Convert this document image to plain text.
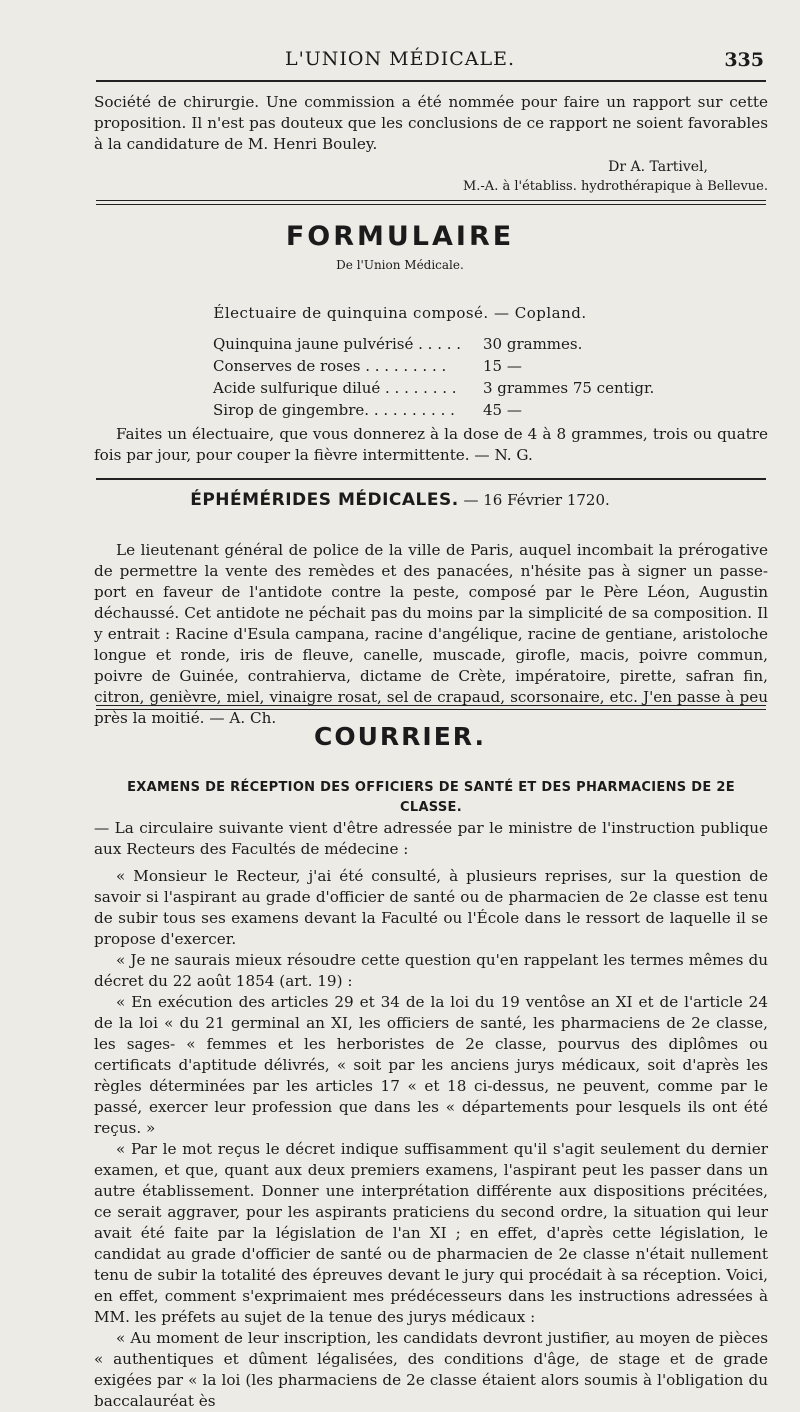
L'UNION MÉDICALE.	335

Société de chirurgie. Une commission a été nommée pour faire un rapport sur cette proposition. Il n'est pas douteux que les conclusions de ce rapport ne soient favorables à la candidature de M. Henri Bouley.

Dr A. Tartivel,

M.-A. à l'établiss. hydrothérapique à Bellevue.

FORMULAIRE
De l'Union Médicale.
Électuaire de quinquina composé. — Copland.
Quinquina jaune pulvérisé . . . . . 30 grammes.
Conserves de roses . . . . . . . . . 15 —
Acide sulfurique dilué . . . . . . . . 3 grammes 75 centigr.
Sirop de gingembre. . . . . . . . . . 45 —

Faites un électuaire, que vous donnerez à la dose de 4 à 8 grammes, trois ou quatre fois par jour, pour couper la fièvre intermittente. — N. G.

ÉPHÉMÉRIDES MÉDICALES. — 16 Février 1720.

Le lieutenant général de police de la ville de Paris, auquel incombait la prérogative de permettre la vente des remèdes et des panacées, n'hésite pas à signer un passe-port en faveur de l'antidote contre la peste, composé par le Père Léon, Augustin déchaussé. Cet antidote ne péchait pas du moins par la simplicité de sa composition. Il y entrait : Racine d'Esula campana, racine d'angélique, racine de gentiane, aristoloche longue et ronde, iris de fleuve, canelle, muscade, girofle, macis, poivre commun, poivre de Guinée, contrahierva, dictame de Crète, impératoire, pirette, safran fin, citron, genièvre, miel, vinaigre rosat, sel de crapaud, scorsonaire, etc. J'en passe à peu près la moitié. — A. Ch.

COURRIER.

EXAMENS DE RÉCEPTION DES OFFICIERS DE SANTÉ ET DES PHARMACIENS DE 2E CLASSE.

— La circulaire suivante vient d'être adressée par le ministre de l'instruction publique aux Recteurs des Facultés de médecine :

« Monsieur le Recteur, j'ai été consulté, à plusieurs reprises, sur la question de savoir si l'aspirant au grade d'officier de santé ou de pharmacien de 2e classe est tenu de subir tous ses examens devant la Faculté ou l'École dans le ressort de laquelle il se propose d'exercer.

« Je ne saurais mieux résoudre cette question qu'en rappelant les termes mêmes du décret du 22 août 1854 (art. 19) :

« En exécution des articles 29 et 34 de la loi du 19 ventôse an XI et de l'article 24 de la loi « du 21 germinal an XI, les officiers de santé, les pharmaciens de 2e classe, les sages- « femmes et les herboristes de 2e classe, pourvus des diplômes ou certificats d'aptitude délivrés, « soit par les anciens jurys médicaux, soit d'après les règles déterminées par les articles 17 « et 18 ci-dessus, ne peuvent, comme par le passé, exercer leur profession que dans les « départements pour lesquels ils ont été reçus. »

« Par le mot reçus le décret indique suffisamment qu'il s'agit seulement du dernier examen, et que, quant aux deux premiers examens, l'aspirant peut les passer dans un autre établissement. Donner une interprétation différente aux dispositions précitées, ce serait aggraver, pour les aspirants praticiens du second ordre, la situation qui leur avait été faite par la législation de l'an XI ; en effet, d'après cette législation, le candidat au grade d'officier de santé ou de pharmacien de 2e classe n'était nullement tenu de subir la totalité des épreuves devant le jury qui procédait à sa réception. Voici, en effet, comment s'exprimaient mes prédécesseurs dans les instructions adressées à MM. les préfets au sujet de la tenue des jurys médicaux :

« Au moment de leur inscription, les candidats devront justifier, au moyen de pièces « authentiques et dûment légalisées, des conditions d'âge, de stage et de grade exigées par « la loi (les pharmaciens de 2e classe étaient alors soumis à l'obligation du baccalauréat ès
